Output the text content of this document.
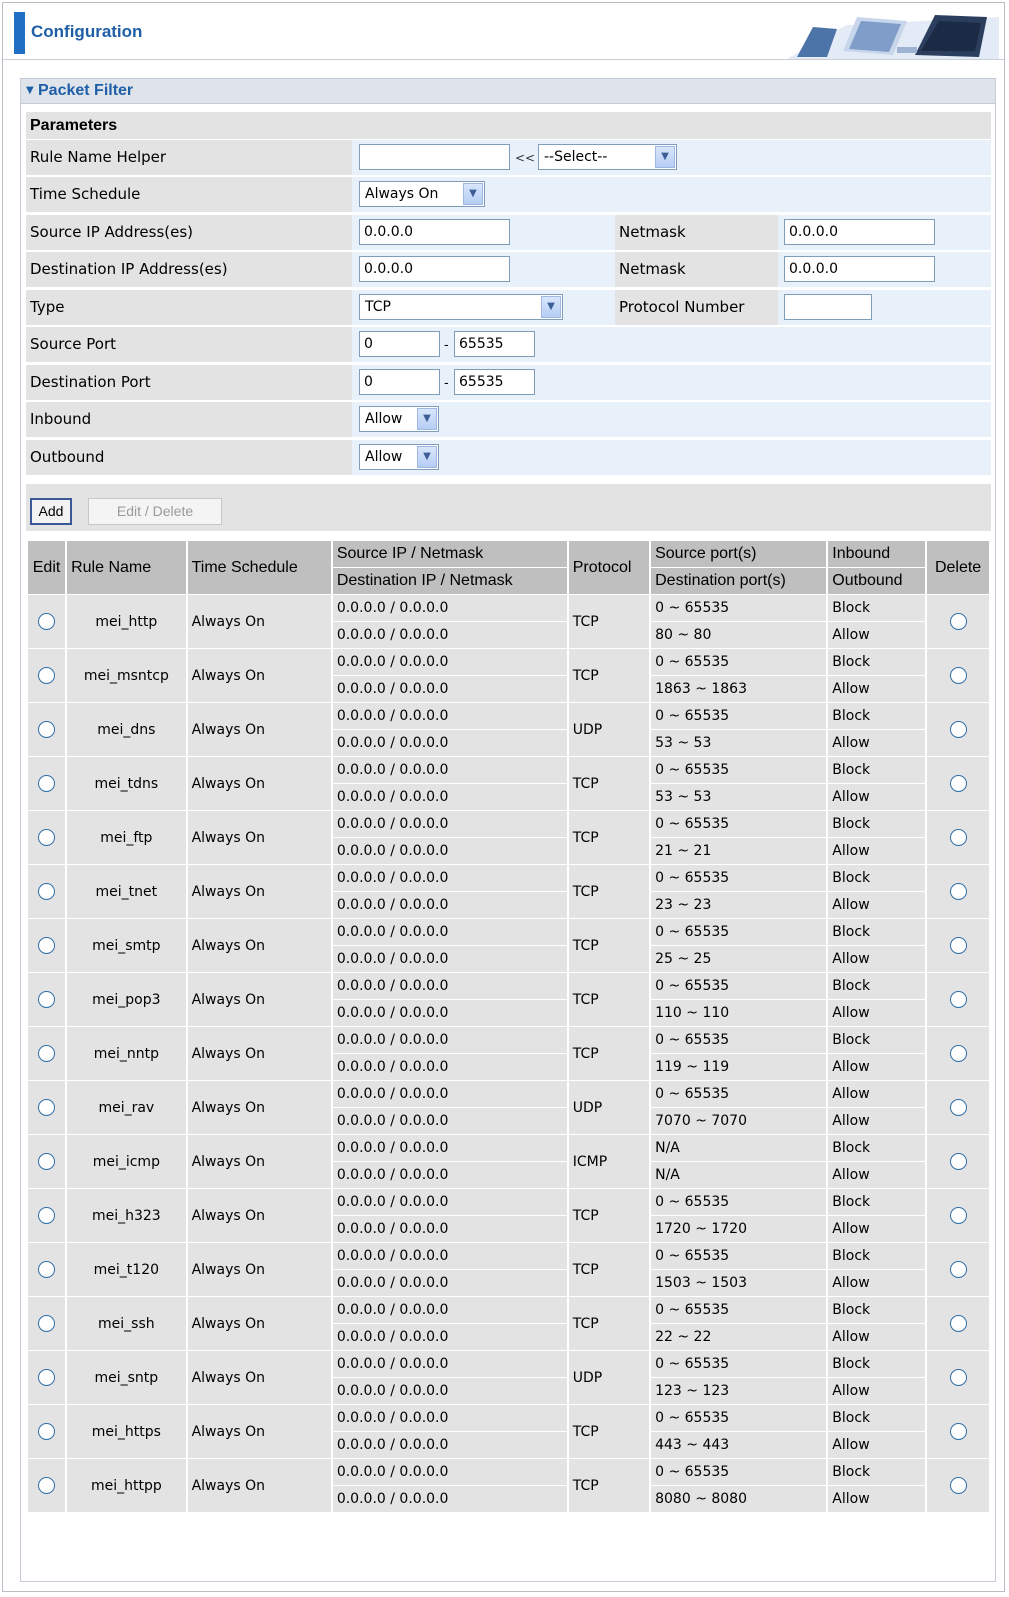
Configuration
▼ Packet Filter
Parameters
Rule Name Helper	<< --Select--	▼
Time Schedule	Always On	▼
Source IP Address(es)	0.0.0.0	Netmask	0.0.0.0
Destination IP Address(es)	0.0.0.0	Netmask	0.0.0.0
Type	TCP	▼	Protocol Number
Source Port	0	- 65535
Destination Port	0	- 65535
Inbound	Allow	▼
Outbound	Allow	▼
Add	Edit / Delete
Edit	Rule Name	Time Schedule	Source IP / Netmask	Protocol	Source port(s)	Inbound	Delete
			Destination IP / Netmask		Destination port(s)	Outbound	
	mei_http	Always On	0.0.0.0 / 0.0.0.0	TCP	0 ~ 65535	Block	
			0.0.0.0 / 0.0.0.0		80 ~ 80	Allow	
	mei_msntcp	Always On	0.0.0.0 / 0.0.0.0	TCP	0 ~ 65535	Block	
			0.0.0.0 / 0.0.0.0		1863 ~ 1863	Allow	
	mei_dns	Always On	0.0.0.0 / 0.0.0.0	UDP	0 ~ 65535	Block	
			0.0.0.0 / 0.0.0.0		53 ~ 53	Allow	
	mei_tdns	Always On	0.0.0.0 / 0.0.0.0	TCP	0 ~ 65535	Block	
			0.0.0.0 / 0.0.0.0		53 ~ 53	Allow	
	mei_ftp	Always On	0.0.0.0 / 0.0.0.0	TCP	0 ~ 65535	Block	
			0.0.0.0 / 0.0.0.0		21 ~ 21	Allow	
	mei_tnet	Always On	0.0.0.0 / 0.0.0.0	TCP	0 ~ 65535	Block	
			0.0.0.0 / 0.0.0.0		23 ~ 23	Allow	
	mei_smtp	Always On	0.0.0.0 / 0.0.0.0	TCP	0 ~ 65535	Block	
			0.0.0.0 / 0.0.0.0		25 ~ 25	Allow	
	mei_pop3	Always On	0.0.0.0 / 0.0.0.0	TCP	0 ~ 65535	Block	
			0.0.0.0 / 0.0.0.0		110 ~ 110	Allow	
	mei_nntp	Always On	0.0.0.0 / 0.0.0.0	TCP	0 ~ 65535	Block	
			0.0.0.0 / 0.0.0.0		119 ~ 119	Allow	
	mei_rav	Always On	0.0.0.0 / 0.0.0.0	UDP	0 ~ 65535	Allow	
			0.0.0.0 / 0.0.0.0		7070 ~ 7070	Allow	
	mei_icmp	Always On	0.0.0.0 / 0.0.0.0	ICMP	N/A	Block	
			0.0.0.0 / 0.0.0.0		N/A	Allow	
	mei_h323	Always On	0.0.0.0 / 0.0.0.0	TCP	0 ~ 65535	Block	
			0.0.0.0 / 0.0.0.0		1720 ~ 1720	Allow	
	mei_t120	Always On	0.0.0.0 / 0.0.0.0	TCP	0 ~ 65535	Block	
			0.0.0.0 / 0.0.0.0		1503 ~ 1503	Allow	
	mei_ssh	Always On	0.0.0.0 / 0.0.0.0	TCP	0 ~ 65535	Block	
			0.0.0.0 / 0.0.0.0		22 ~ 22	Allow	
	mei_sntp	Always On	0.0.0.0 / 0.0.0.0	UDP	0 ~ 65535	Block	
			0.0.0.0 / 0.0.0.0		123 ~ 123	Allow	
	mei_https	Always On	0.0.0.0 / 0.0.0.0	TCP	0 ~ 65535	Block	
			0.0.0.0 / 0.0.0.0		443 ~ 443	Allow	
	mei_httpp	Always On	0.0.0.0 / 0.0.0.0	TCP	0 ~ 65535	Block	
			0.0.0.0 / 0.0.0.0		8080 ~ 8080	Allow	
